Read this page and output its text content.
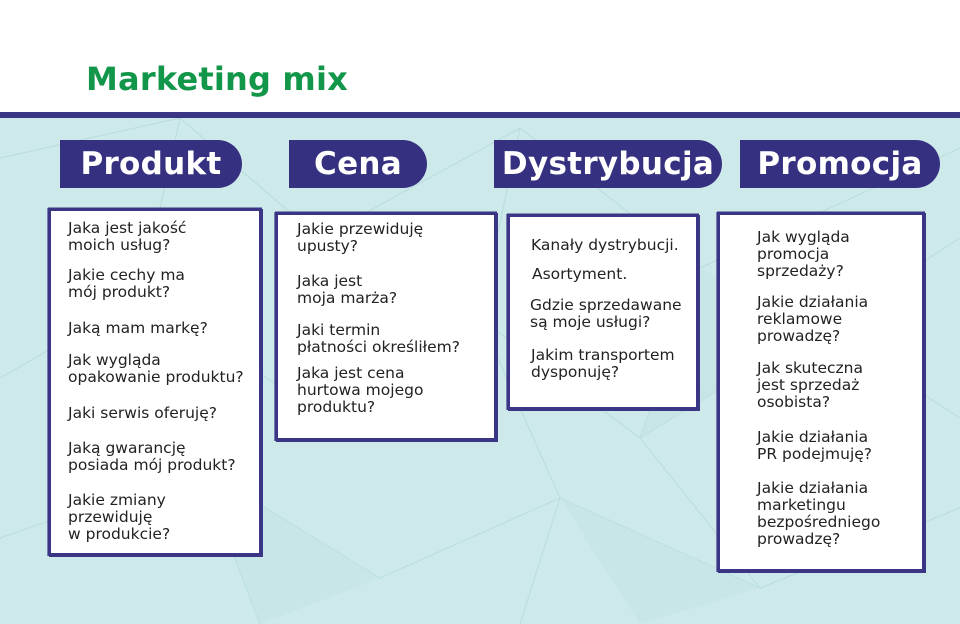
Marketing mix
Produkt	Cena	Dystrybucja	Promocja

Jaka jest jakość
moich usług?

Jakie cechy ma
mój produkt?

Jaką mam markę?

Jak wygląda
opakowanie produktu?

Jaki serwis oferuję?

Jaką gwarancję
posiada mój produkt?

Jakie zmiany
przewiduję
w produkcie?

Jakie przewiduję
upusty?

Jaka jest
moja marża?

Jaki termin
płatności określiłem?

Jaka jest cena
hurtowa mojego
produktu?

Kanały dystrybucji.

Asortyment.

Gdzie sprzedawane
są moje usługi?

Jakim transportem
dysponuję?

Jak wygląda
promocja
sprzedaży?

Jakie działania
reklamowe
prowadzę?

Jak skuteczna
jest sprzedaż
osobista?

Jakie działania
PR podejmuję?

Jakie działania
marketingu
bezpośredniego
prowadzę?
